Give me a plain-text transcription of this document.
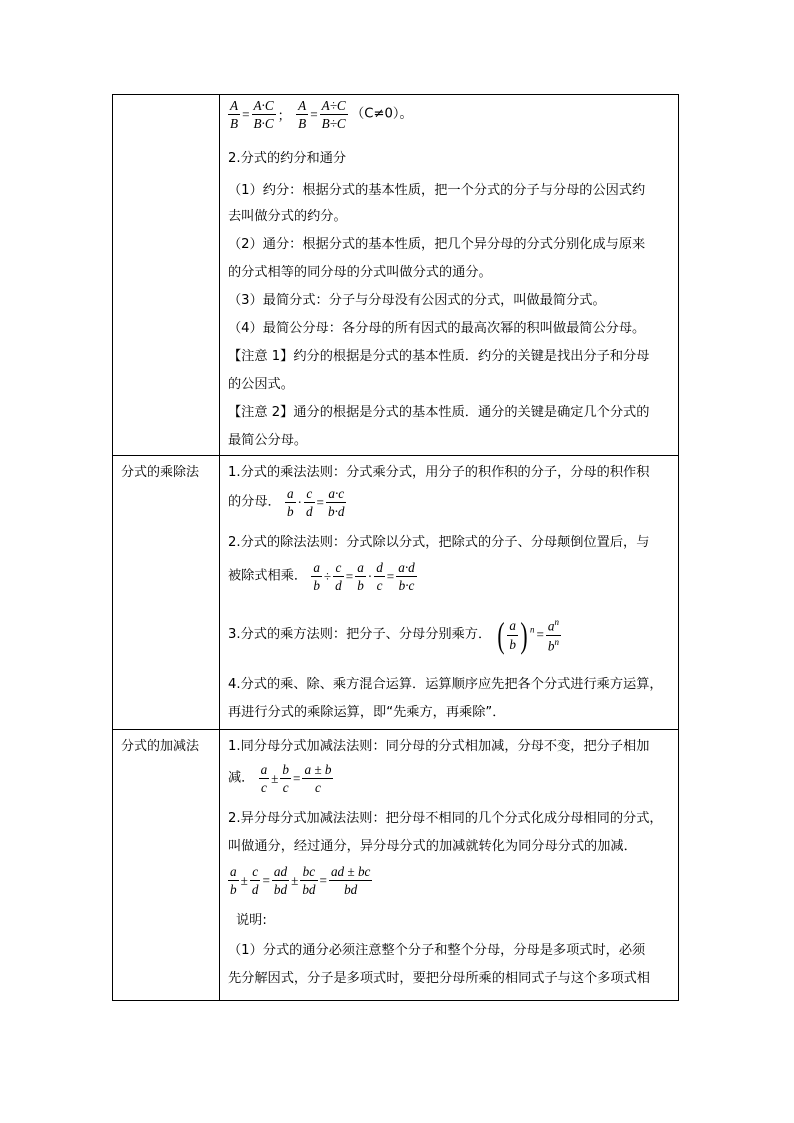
分式的乘除法
分式的加减法
$\frac{A}{B} = \frac{A\cdot C}{B\cdot C}$ ； $\frac{A}{B} = \frac{A\div C}{B\div C} (C\ne 0)$。
2.分式的约分和通分
（1）约分：根据分式的基本性质，把一个分式的分子与分母的公因式约
去叫做分式的约分。
（2）通分：根据分式的基本性质，把几个异分母的分式分别化成与原来
的分式相等的同分母的分式叫做分式的通分。
（3）最简分式：分子与分母没有公因式的分式，叫做最简分式。
（4）最简公分母：各分母的所有因式的最高次幂的积叫做最简公分母。
【注意 1】约分的根据是分式的基本性质．约分的关键是找出分子和分母
的公因式。
【注意 2】通分的根据是分式的基本性质．通分的关键是确定几个分式的
最简公分母。
1.分式的乘法法则：分式乘分式，用分子的积作积的分子，分母的积作积
的分母． $\frac{a}{b} \cdot \frac{c}{d} = \frac{a\cdot c}{b\cdot d}$
2.分式的除法法则：分式除以分式，把除式的分子、分母颠倒位置后，与
被除式相乘． $\frac{a}{b} \div \frac{c}{d} = \frac{a}{b} \cdot \frac{d}{c} = \frac{a\cdot d}{b\cdot c}$
3.分式的乘方法则：把分子、分母分别乘方． ( $\frac{a}{b}$ ) $^n = \frac{a^n}{b^n}$
4.分式的乘、除、乘方混合运算．运算顺序应先把各个分式进行乘方运算，
再进行分式的乘除运算，即“先乘方，再乘除”．
1.同分母分式加减法法则：同分母的分式相加减，分母不变，把分子相加
减． $\frac{a}{c} \pm \frac{b}{c} = \frac{a \pm b}{c}$
2.异分母分式加减法法则：把分母不相同的几个分式化成分母相同的分式，
叫做通分，经过通分，异分母分式的加减就转化为同分母分式的加减．
$\frac{a}{b} \pm \frac{c}{d} = \frac{ad}{bd} \pm \frac{bc}{bd} = \frac{ad \pm bc}{bd}$
说明:
（1）分式的通分必须注意整个分子和整个分母，分母是多项式时，必须
先分解因式，分子是多项式时，要把分母所乘的相同式子与这个多项式相
